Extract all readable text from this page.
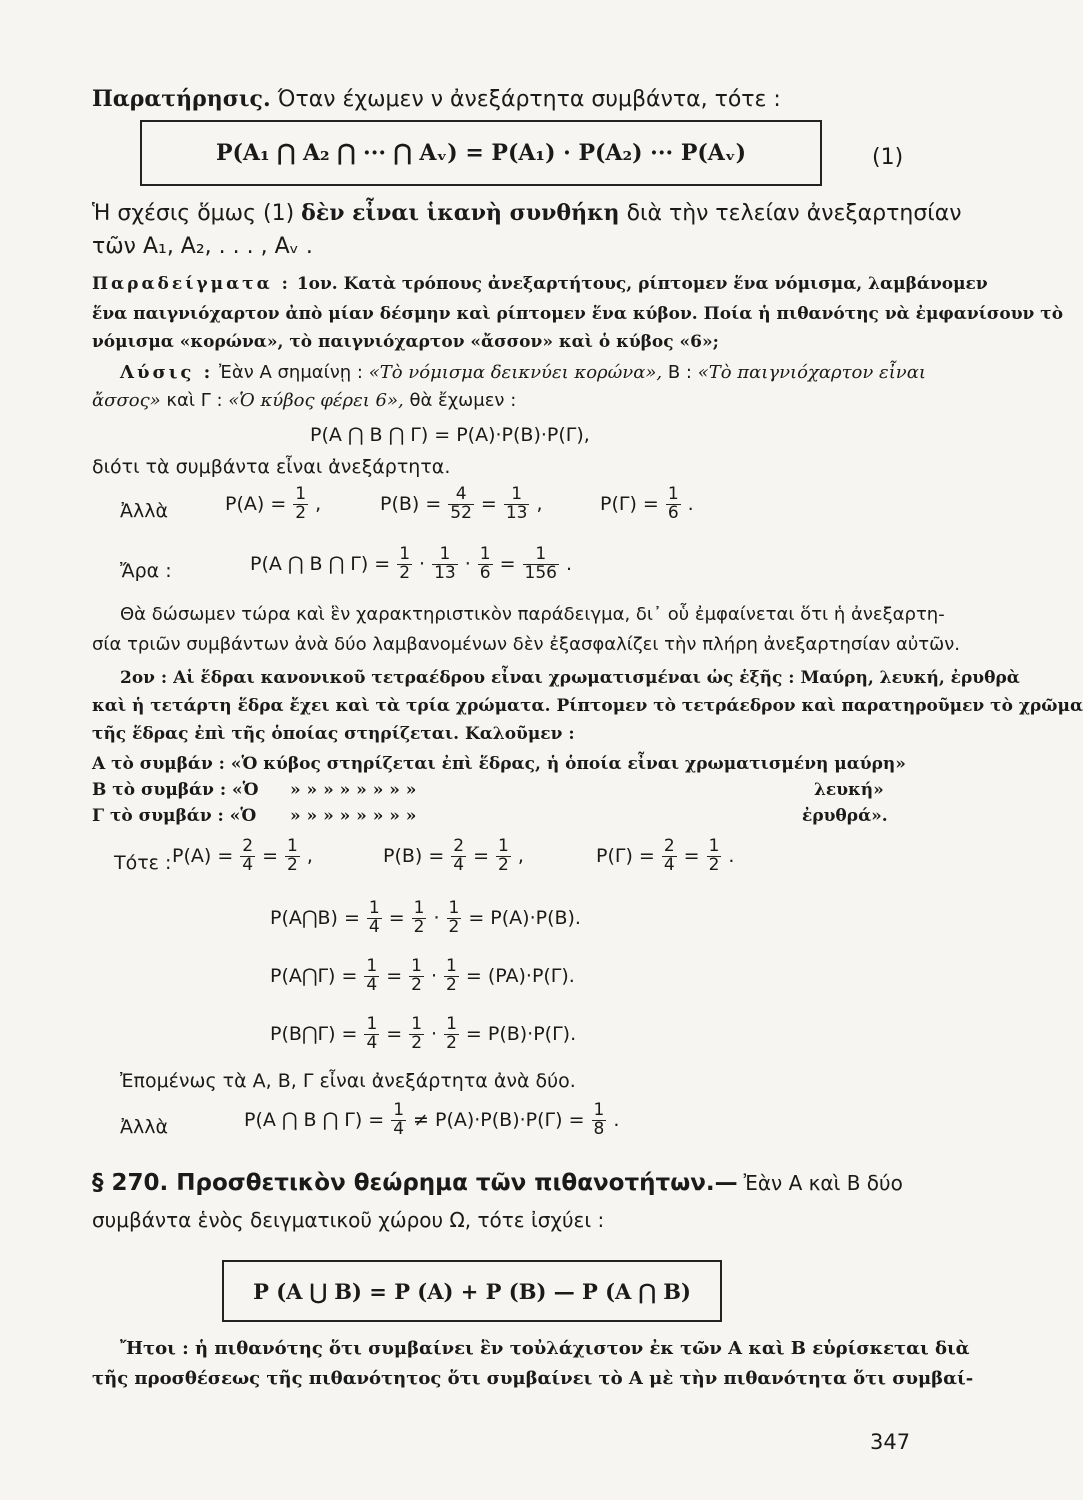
Παρατήρησις. Όταν έχωμεν ν ἀνεξάρτητα συμβάντα, τότε :
P(A₁ ⋂ A₂ ⋂ ··· ⋂ Aᵥ) = P(A₁) · P(A₂) ··· P(Aᵥ)	(1)
Ἡ σχέσις ὅμως (1) δὲν εἶναι ἱκανὴ συνθήκη διὰ τὴν τελείαν ἀνεξαρτησίαν
τῶν A₁, A₂, . . . , Aᵥ .
Παραδείγματα : 1ον. Κατὰ τρόπους ἀνεξαρτήτους, ρίπτομεν ἕνα νόμισμα, λαμβάνομεν
ἕνα παιγνιόχαρτον ἀπὸ μίαν δέσμην καὶ ρίπτομεν ἕνα κύβον. Ποία ἡ πιθανότης νὰ ἐμφανίσουν τὸ
νόμισμα «κορώνα», τὸ παιγνιόχαρτον «ἄσσον» καὶ ὁ κύβος «6»;
Λύσις : Ἐὰν Α σημαίνῃ : «Τὸ νόμισμα δεικνύει κορώνα», Β : «Τὸ παιγνιόχαρτον εἶναι
ἄσσος» καὶ Γ : «Ὁ κύβος φέρει 6», θὰ ἔχωμεν :
P(A ⋂ B ⋂ Γ) = P(A)·P(B)·P(Γ),
διότι τὰ συμβάντα εἶναι ἀνεξάρτητα.
Ἀλλὰ	$P(A) = \frac{1}{2}$ ,	$P(B) = \frac{4}{52} = \frac{1}{13}$ ,	$P(\Gamma) = \frac{1}{6}$ .
Ἄρα :	P(A ⋂ B ⋂ $\Gamma) = \frac{1}{2} \cdot \frac{1}{13} \cdot \frac{1}{6} = \frac{1}{156}$ .
Θὰ δώσωμεν τώρα καὶ ἓν χαρακτηριστικὸν παράδειγμα, δι᾽ οὗ ἐμφαίνεται ὅτι ἡ ἀνεξαρτη-
σία τριῶν συμβάντων ἀνὰ δύο λαμβανομένων δὲν ἐξασφαλίζει τὴν πλήρη ἀνεξαρτησίαν αὐτῶν.
2ον : Αἱ ἕδραι κανονικοῦ τετραέδρου εἶναι χρωματισμέναι ὡς ἑξῆς : Μαύρη, λευκή, ἐρυθρὰ
καὶ ἡ τετάρτη ἕδρα ἔχει καὶ τὰ τρία χρώματα. Ρίπτομεν τὸ τετράεδρον καὶ παρατηροῦμεν τὸ χρῶμα
τῆς ἕδρας ἐπὶ τῆς ὁποίας στηρίζεται. Καλοῦμεν :
Α τὸ συμβάν : «Ὁ κύβος στηρίζεται ἐπὶ ἕδρας, ἡ ὁποία εἶναι χρωματισμένη μαύρη»
Β τὸ συμβάν : «Ὁ » » » » » » » »	λευκή»
Γ τὸ συμβάν : «Ὁ » » » » » » » »	ἐρυθρά».
Τότε : $P(A) = \frac{2}{4} = \frac{1}{2}$ ,	$P(B) = \frac{2}{4} = \frac{1}{2}$ ,	$P(\Gamma) = \frac{2}{4} = \frac{1}{2}$ .
P(A⋂B) = $\frac{1}{4} = \frac{1}{2} \cdot \frac{1}{2} = P(A)\cdot P(B)$.
P(A⋂Γ) = $\frac{1}{4} = \frac{1}{2} \cdot \frac{1}{2} = (PA)\cdot P(\Gamma)$.
P(B⋂Γ) = $\frac{1}{4} = \frac{1}{2} \cdot \frac{1}{2} = P(B)\cdot P(\Gamma)$.
Ἐπομένως τὰ Α, Β, Γ εἶναι ἀνεξάρτητα ἀνὰ δύο.
Ἀλλὰ	P(A ⋂ B ⋂ $\Gamma) = \frac{1}{4} \ne P(A)\cdot P(B)\cdot P(\Gamma) = \frac{1}{8}$ .
§ 270. Προσθετικὸν θεώρημα τῶν πιθανοτήτων.— Ἐὰν Α καὶ Β δύο
συμβάντα ἑνὸς δειγματικοῦ χώρου Ω, τότε ἰσχύει :
P (A ⋃ B) = P (A) + P (B) — P (A ⋂ B)
Ἤτοι : ἡ πιθανότης ὅτι συμβαίνει ἓν τοὐλάχιστον ἐκ τῶν Α καὶ Β εὑρίσκεται διὰ
τῆς προσθέσεως τῆς πιθανότητος ὅτι συμβαίνει τὸ Α μὲ τὴν πιθανότητα ὅτι συμβαί-
347
